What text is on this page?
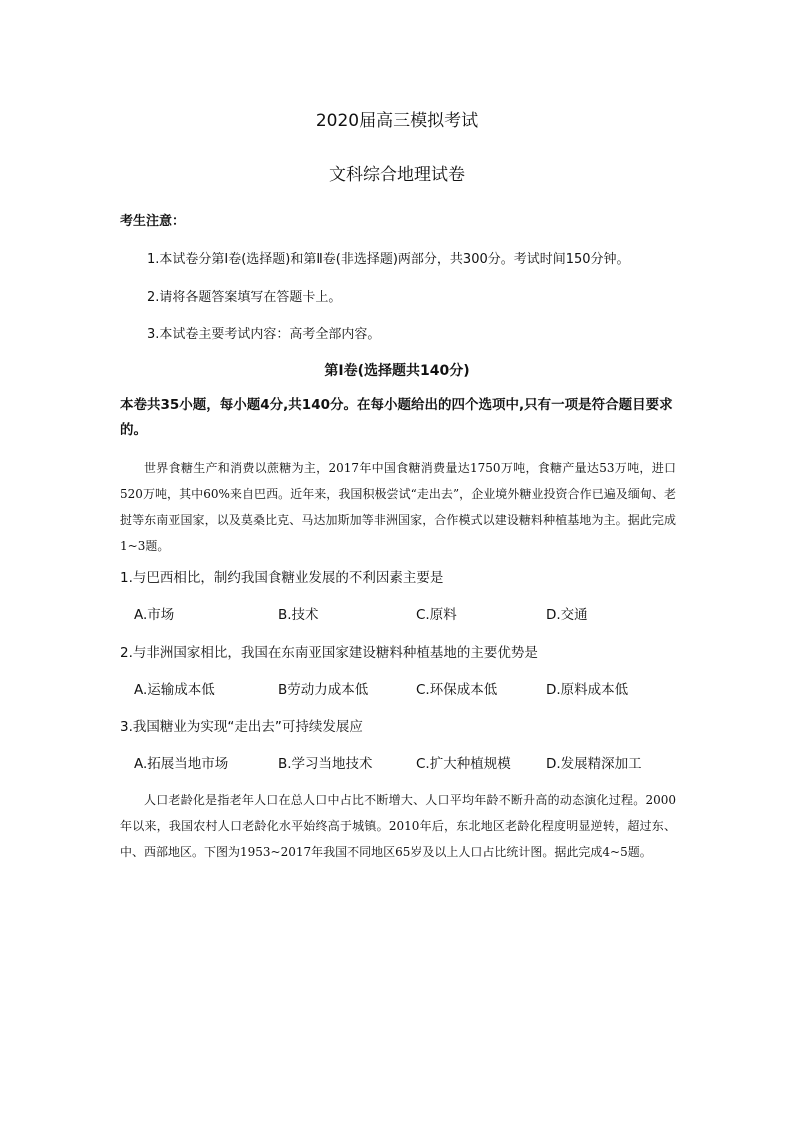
2020届高三模拟考试
文科综合地理试卷
考生注意：
1.本试卷分第Ⅰ卷(选择题)和第Ⅱ卷(非选择题)两部分，共300分。考试时间150分钟。
2.请将各题答案填写在答题卡上。
3.本试卷主要考试内容：高考全部内容。
第Ⅰ卷(选择题共140分)
本卷共35小题，每小题4分,共140分。在每小题给出的四个选项中,只有一项是符合题目要求的。
世界食糖生产和消费以蔗糖为主，2017年中国食糖消费量达1750万吨，食糖产量达53万吨，进口520万吨，其中60%来自巴西。近年来，我国积极尝试“走出去”，企业境外糖业投资合作已遍及缅甸、老挝等东南亚国家，以及莫桑比克、马达加斯加等非洲国家，合作模式以建设糖料种植基地为主。据此完成1~3题。
1.与巴西相比，制约我国食糖业发展的不利因素主要是
A.市场	B.技术	C.原料	D.交通
2.与非洲国家相比，我国在东南亚国家建设糖料种植基地的主要优势是
A.运输成本低	B劳动力成本低	C.环保成本低	D.原料成本低
3.我国糖业为实现“走出去”可持续发展应
A.拓展当地市场	B.学习当地技术	C.扩大种植规模	D.发展精深加工
人口老龄化是指老年人口在总人口中占比不断增大、人口平均年龄不断升高的动态演化过程。2000年以来，我国农村人口老龄化水平始终高于城镇。2010年后，东北地区老龄化程度明显逆转，超过东、中、西部地区。下图为1953~2017年我国不同地区65岁及以上人口占比统计图。据此完成4~5题。
